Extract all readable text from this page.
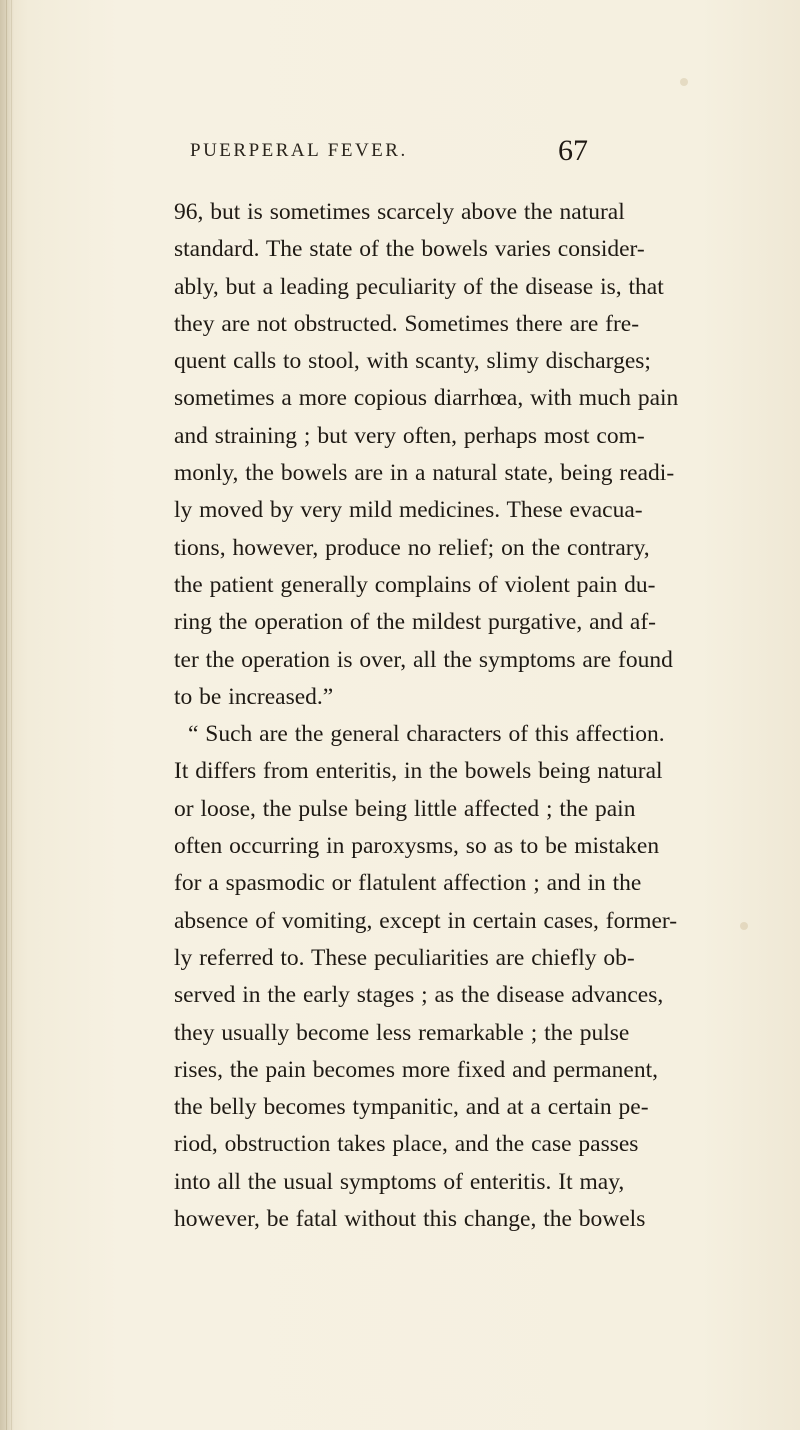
PUERPERAL FEVER.	67
96, but is sometimes scarcely above the natural
standard. The state of the bowels varies consider-
ably, but a leading peculiarity of the disease is, that
they are not obstructed. Sometimes there are fre-
quent calls to stool, with scanty, slimy discharges;
sometimes a more copious diarrhœa, with much pain
and straining ; but very often, perhaps most com-
monly, the bowels are in a natural state, being readi-
ly moved by very mild medicines. These evacua-
tions, however, produce no relief; on the contrary,
the patient generally complains of violent pain du-
ring the operation of the mildest purgative, and af-
ter the operation is over, all the symptoms are found
to be increased.”
“ Such are the general characters of this affection.
It differs from enteritis, in the bowels being natural
or loose, the pulse being little affected ; the pain
often occurring in paroxysms, so as to be mistaken
for a spasmodic or flatulent affection ; and in the
absence of vomiting, except in certain cases, former-
ly referred to. These peculiarities are chiefly ob-
served in the early stages ; as the disease advances,
they usually become less remarkable ; the pulse
rises, the pain becomes more fixed and permanent,
the belly becomes tympanitic, and at a certain pe-
riod, obstruction takes place, and the case passes
into all the usual symptoms of enteritis. It may,
however, be fatal without this change, the bowels
